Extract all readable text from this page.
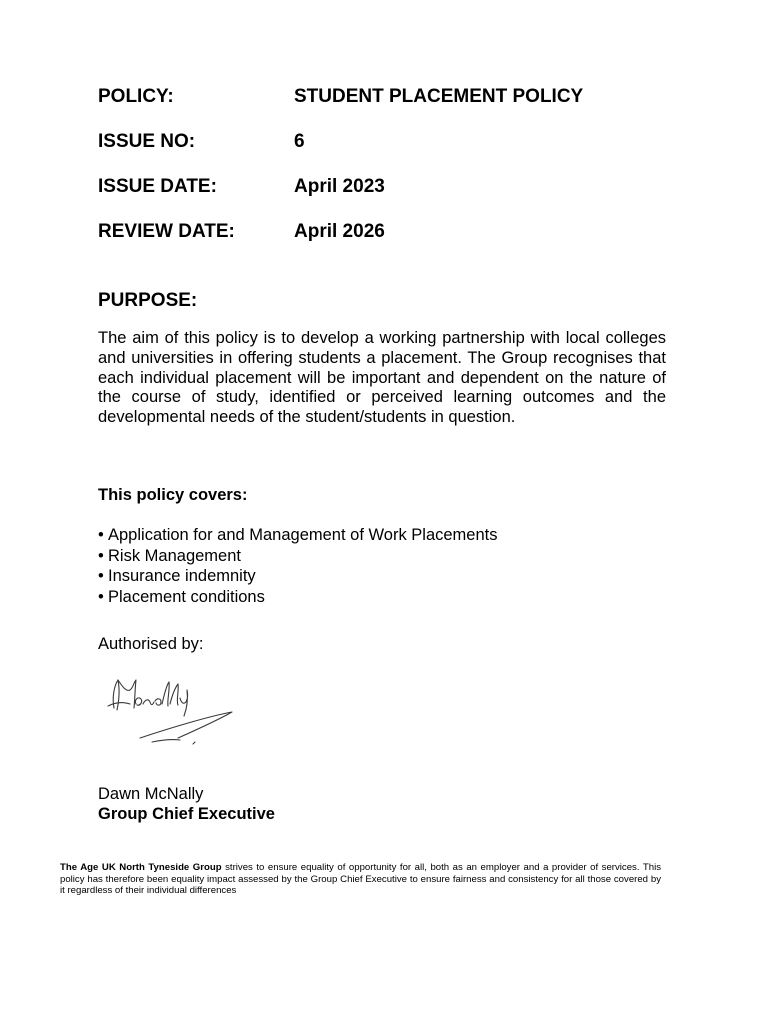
POLICY:	STUDENT PLACEMENT POLICY
ISSUE NO:	6
ISSUE DATE:	April 2023
REVIEW DATE:	April 2026
PURPOSE:

The aim of this policy is to develop a working partnership with local colleges and universities in offering students a placement. The Group recognises that each individual placement will be important and dependent on the nature of the course of study, identified or perceived learning outcomes and the developmental needs of the student/students in question.

This policy covers:
• Application for and Management of Work Placements
• Risk Management
• Insurance indemnity
• Placement conditions
Authorised by:
Dawn McNally
Group Chief Executive

The Age UK North Tyneside Group strives to ensure equality of opportunity for all, both as an employer and a provider of services. This policy has therefore been equality impact assessed by the Group Chief Executive to ensure fairness and consistency for all those covered by it regardless of their individual differences
